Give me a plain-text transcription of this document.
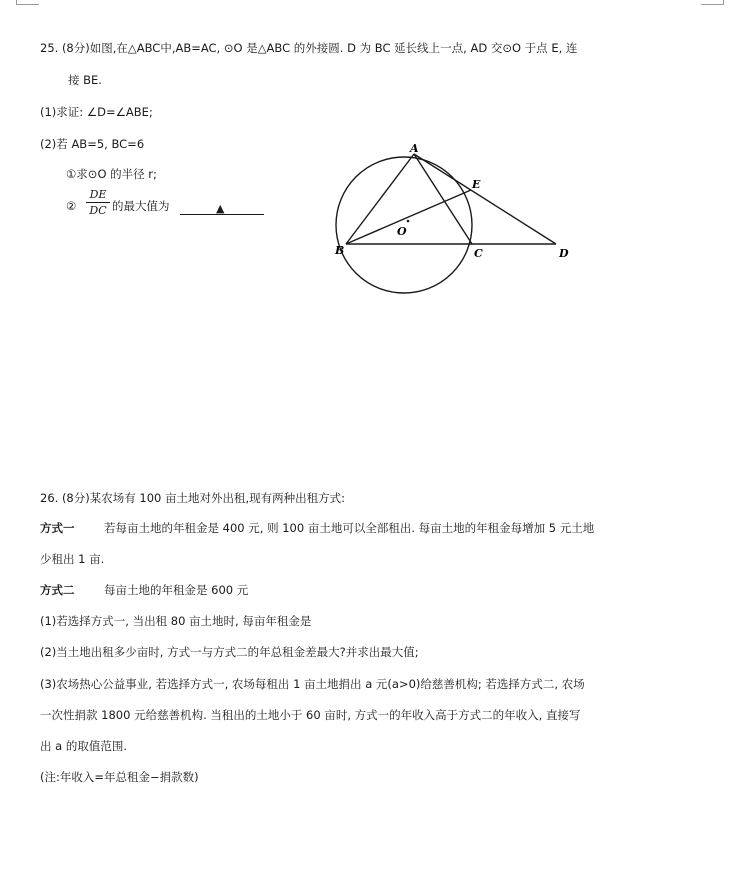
25. (8分)如图,在△ABC中,AB=AC, ⊙O 是△ABC 的外接圆. D 为 BC 延长线上一点, AD 交⊙O 于点 E, 连
接 BE.
(1)求证: ∠D=∠ABE;
(2)若 AB=5, BC=6
①求⊙O 的半径 r;
②
DE
DC 的最大值为	▲
A
B	C	D
E
O
26. (8分)某农场有 100 亩土地对外出租,现有两种出租方式:
方式一	若每亩土地的年租金是 400 元, 则 100 亩土地可以全部租出. 每亩土地的年租金每增加 5 元土地
少租出 1 亩.
方式二	每亩土地的年租金是 600 元
(1)若选择方式一, 当出租 80 亩土地时, 每亩年租金是
(2)当土地出租多少亩时, 方式一与方式二的年总租金差最大?并求出最大值;
(3)农场热心公益事业, 若选择方式一, 农场每租出 1 亩土地捐出 a 元(a>0)给慈善机构; 若选择方式二, 农场
一次性捐款 1800 元给慈善机构. 当租出的土地小于 60 亩时, 方式一的年收入高于方式二的年收入, 直接写
出 a 的取值范围.
(注:年收入=年总租金−捐款数)
